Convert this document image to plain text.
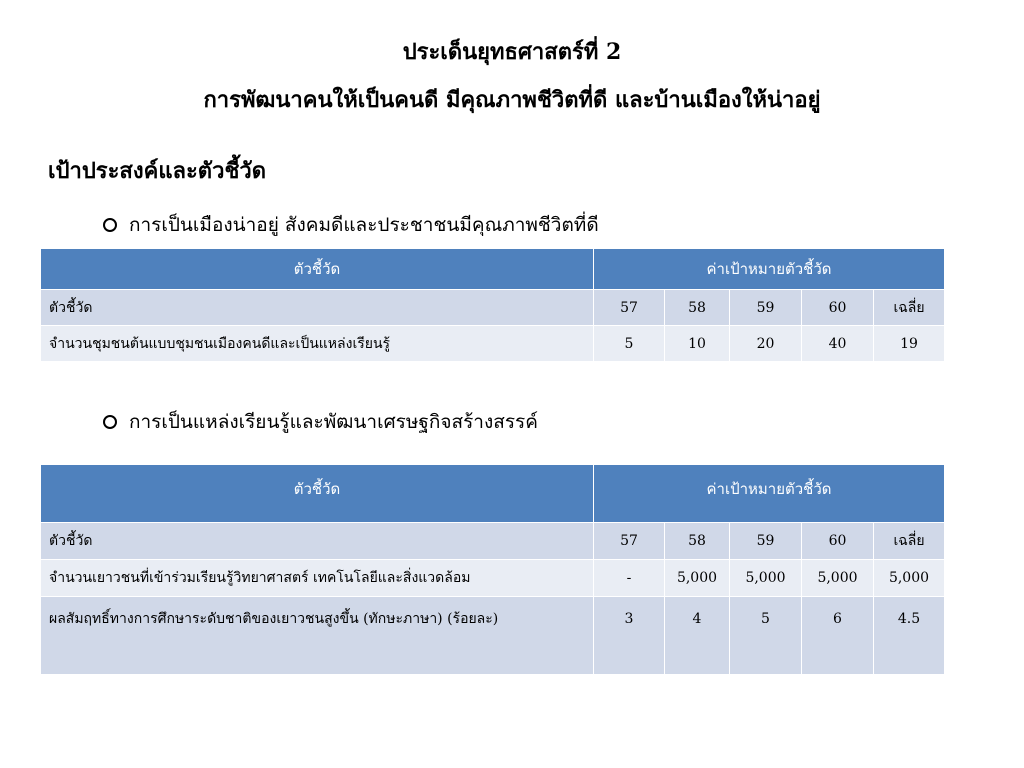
ประเด็นยุทธศาสตร์ที่ 2
การพัฒนาคนให้เป็นคนดี มีคุณภาพชีวิตที่ดี และบ้านเมืองให้น่าอยู่
เป้าประสงค์และตัวชี้วัด
การเป็นเมืองน่าอยู่ สังคมดีและประชาชนมีคุณภาพชีวิตที่ดี
ตัวชี้วัด	ค่าเป้าหมายตัวชี้วัด				
ตัวชี้วัด	57	58	59	60	เฉลี่ย
จำนวนชุมชนต้นแบบชุมชนเมืองคนดีและเป็นแหล่งเรียนรู้	5	10	20	40	19
การเป็นแหล่งเรียนรู้และพัฒนาเศรษฐกิจสร้างสรรค์
ตัวชี้วัด	ค่าเป้าหมายตัวชี้วัด				
ตัวชี้วัด	57	58	59	60	เฉลี่ย
จำนวนเยาวชนที่เข้าร่วมเรียนรู้วิทยาศาสตร์ เทคโนโลยีและสิ่งแวดล้อม	-	5,000	5,000	5,000	5,000
ผลสัมฤทธิ์ทางการศึกษาระดับชาติของเยาวชนสูงขึ้น (ทักษะภาษา) (ร้อยละ)	3	4	5	6	4.5
